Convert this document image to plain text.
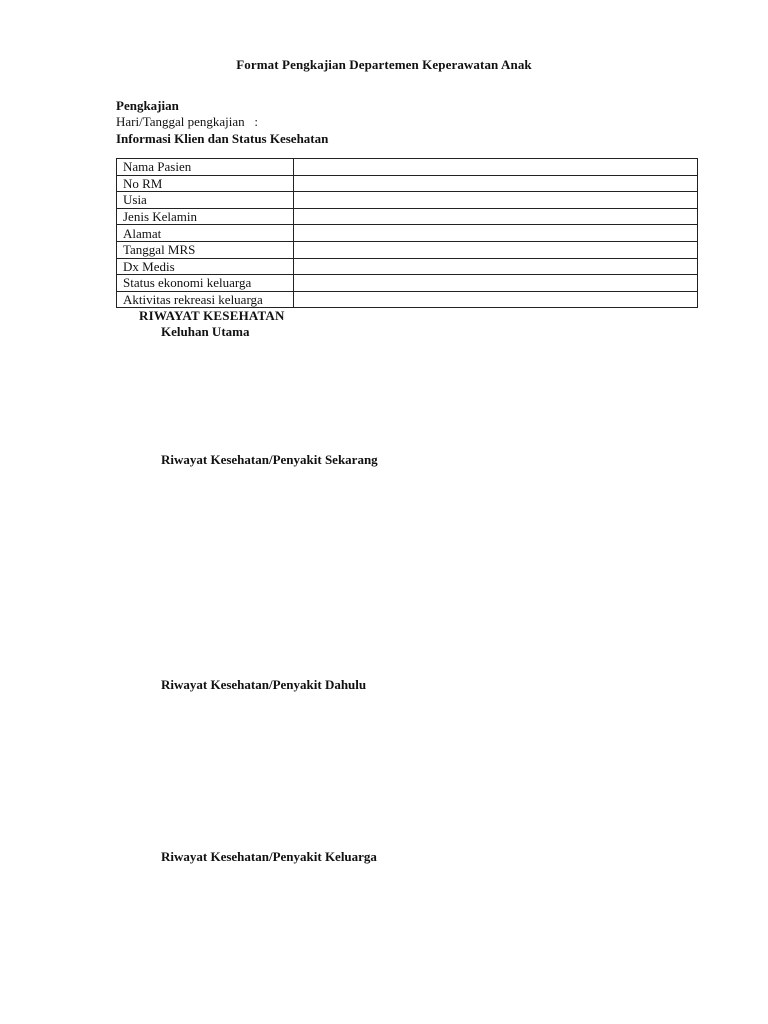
Format Pengkajian Departemen Keperawatan Anak
Pengkajian
Hari/Tanggal pengkajian   :
Informasi Klien dan Status Kesehatan
Nama Pasien	
No RM	
Usia	
Jenis Kelamin	
Alamat	
Tanggal MRS	
Dx Medis	
Status ekonomi keluarga	
Aktivitas rekreasi keluarga	
RIWAYAT KESEHATAN
Keluhan Utama
Riwayat Kesehatan/Penyakit Sekarang
Riwayat Kesehatan/Penyakit Dahulu
Riwayat Kesehatan/Penyakit Keluarga
